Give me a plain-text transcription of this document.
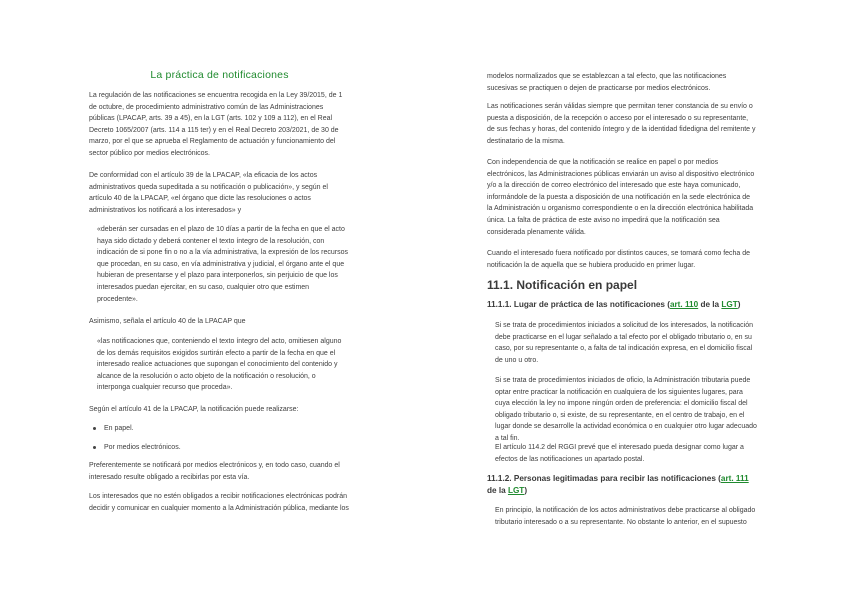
La práctica de notificaciones

La regulación de las notificaciones se encuentra recogida en la Ley 39/2015, de 1 de octubre, de procedimiento administrativo común de las Administraciones públicas (LPACAP, arts. 39 a 45), en la LGT (arts. 102 y 109 a 112), en el Real Decreto 1065/2007 (arts. 114 a 115 ter) y en el Real Decreto 203/2021, de 30 de marzo, por el que se aprueba el Reglamento de actuación y funcionamiento del sector público por medios electrónicos.

De conformidad con el artículo 39 de la LPACAP, «la eficacia de los actos administrativos queda supeditada a su notificación o publicación», y según el artículo 40 de la LPACAP, «el órgano que dicte las resoluciones o actos administrativos los notificará a los interesados» y

«deberán ser cursadas en el plazo de 10 días a partir de la fecha en que el acto haya sido dictado y deberá contener el texto íntegro de la resolución, con indicación de si pone fin o no a la vía administrativa, la expresión de los recursos que procedan, en su caso, en vía administrativa y judicial, el órgano ante el que hubieran de presentarse y el plazo para interponerlos, sin perjuicio de que los interesados puedan ejercitar, en su caso, cualquier otro que estimen procedente».

Asimismo, señala el artículo 40 de la LPACAP que

«las notificaciones que, conteniendo el texto íntegro del acto, omitiesen alguno de los demás requisitos exigidos surtirán efecto a partir de la fecha en que el interesado realice actuaciones que supongan el conocimiento del contenido y alcance de la resolución o acto objeto de la notificación o resolución, o interponga cualquier recurso que proceda».

Según el artículo 41 de la LPACAP, la notificación puede realizarse:

En papel.
Por medios electrónicos.

Preferentemente se notificará por medios electrónicos y, en todo caso, cuando el interesado resulte obligado a recibirlas por esta vía.

Los interesados que no estén obligados a recibir notificaciones electrónicas podrán decidir y comunicar en cualquier momento a la Administración pública, mediante los

modelos normalizados que se establezcan a tal efecto, que las notificaciones sucesivas se practiquen o dejen de practicarse por medios electrónicos.

Las notificaciones serán válidas siempre que permitan tener constancia de su envío o puesta a disposición, de la recepción o acceso por el interesado o su representante, de sus fechas y horas, del contenido íntegro y de la identidad fidedigna del remitente y destinatario de la misma.

Con independencia de que la notificación se realice en papel o por medios electrónicos, las Administraciones públicas enviarán un aviso al dispositivo electrónico y/o a la dirección de correo electrónico del interesado que este haya comunicado, informándole de la puesta a disposición de una notificación en la sede electrónica de la Administración u organismo correspondiente o en la dirección electrónica habilitada única. La falta de práctica de este aviso no impedirá que la notificación sea considerada plenamente válida.

Cuando el interesado fuera notificado por distintos cauces, se tomará como fecha de notificación la de aquella que se hubiera producido en primer lugar.

11.1. Notificación en papel
11.1.1. Lugar de práctica de las notificaciones (art. 110 de la LGT)

Si se trata de procedimientos iniciados a solicitud de los interesados, la notificación debe practicarse en el lugar señalado a tal efecto por el obligado tributario o, en su caso, por su representante o, a falta de tal indicación expresa, en el domicilio fiscal de uno u otro.

Si se trata de procedimientos iniciados de oficio, la Administración tributaria puede optar entre practicar la notificación en cualquiera de los siguientes lugares, para cuya elección la ley no impone ningún orden de preferencia: el domicilio fiscal del obligado tributario o, si existe, de su representante, en el centro de trabajo, en el lugar donde se desarrolle la actividad económica o en cualquier otro lugar adecuado a tal fin.

El artículo 114.2 del RGGI prevé que el interesado pueda designar como lugar a efectos de las notificaciones un apartado postal.

11.1.2. Personas legitimadas para recibir las notificaciones (art. 111 de la LGT)

En principio, la notificación de los actos administrativos debe practicarse al obligado tributario interesado o a su representante. No obstante lo anterior, en el supuesto
